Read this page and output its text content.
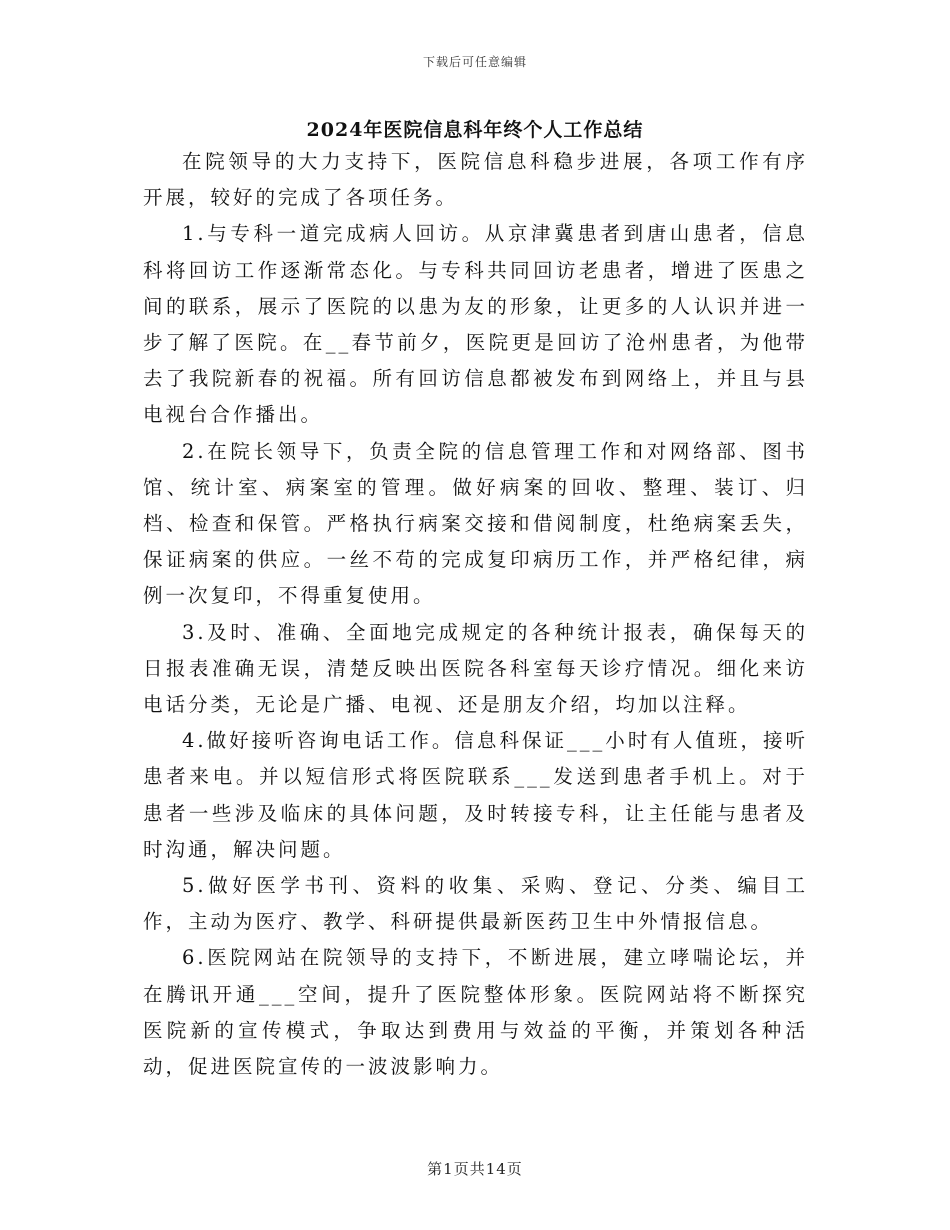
下载后可任意编辑
2024年医院信息科年终个人工作总结

在院领导的大力支持下，医院信息科稳步进展，各项工作有序开展，较好的完成了各项任务。

1.与专科一道完成病人回访。从京津冀患者到唐山患者，信息科将回访工作逐渐常态化。与专科共同回访老患者，增进了医患之间的联系，展示了医院的以患为友的形象，让更多的人认识并进一步了解了医院。在__春节前夕，医院更是回访了沧州患者，为他带去了我院新春的祝福。所有回访信息都被发布到网络上，并且与县电视台合作播出。

2.在院长领导下，负责全院的信息管理工作和对网络部、图书馆、统计室、病案室的管理。做好病案的回收、整理、装订、归档、检查和保管。严格执行病案交接和借阅制度，杜绝病案丢失，保证病案的供应。一丝不苟的完成复印病历工作，并严格纪律，病例一次复印，不得重复使用。

3.及时、准确、全面地完成规定的各种统计报表，确保每天的日报表准确无误，清楚反映出医院各科室每天诊疗情况。细化来访电话分类，无论是广播、电视、还是朋友介绍，均加以注释。

4.做好接听咨询电话工作。信息科保证___小时有人值班，接听患者来电。并以短信形式将医院联系___发送到患者手机上。对于患者一些涉及临床的具体问题，及时转接专科，让主任能与患者及时沟通，解决问题。

5.做好医学书刊、资料的收集、采购、登记、分类、编目工作，主动为医疗、教学、科研提供最新医药卫生中外情报信息。

6.医院网站在院领导的支持下，不断进展，建立哮喘论坛，并在腾讯开通___空间，提升了医院整体形象。医院网站将不断探究医院新的宣传模式，争取达到费用与效益的平衡，并策划各种活动，促进医院宣传的一波波影响力。

第1页共14页
